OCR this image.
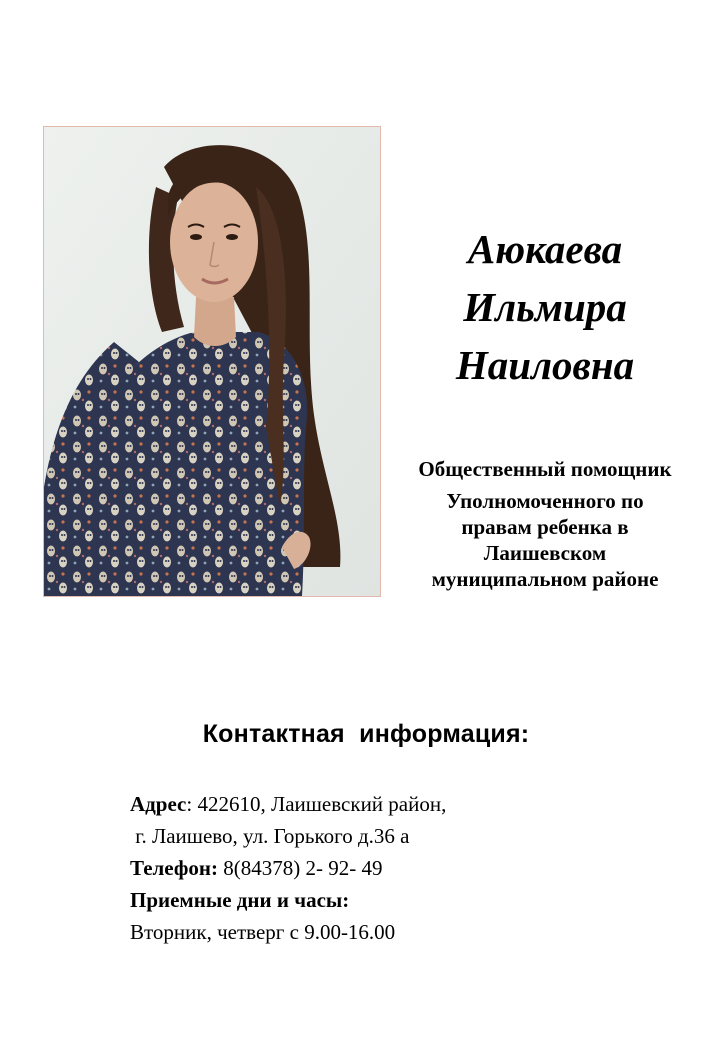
Аюкаева
Ильмира
Наиловна

Общественный помощник

Уполномоченного по правам ребенка в Лаишевском муниципальном районе

Контактная  информация:
Адрес: 422610, Лаишевский район,
г. Лаишево, ул. Горького д.36 а
Телефон: 8(84378) 2- 92- 49
Приемные дни и часы:
Вторник, четверг с 9.00-16.00
